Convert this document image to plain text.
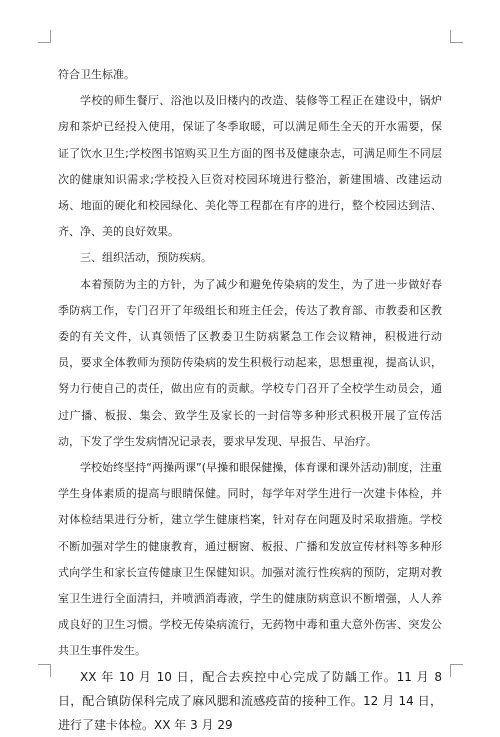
符合卫生标准。

学校的师生餐厅、浴池以及旧楼内的改造、装修等工程正在建设中，锅炉房和茶炉已经投入使用，保证了冬季取暖，可以满足师生全天的开水需要，保证了饮水卫生;学校图书馆购买卫生方面的图书及健康杂志，可满足师生不同层次的健康知识需求;学校投入巨资对校园环境进行整治，新建围墙、改建运动场、地面的硬化和校园绿化、美化等工程都在有序的进行，整个校园达到洁、齐、净、美的良好效果。

三、组织活动，预防疾病。

本着预防为主的方针，为了减少和避免传染病的发生，为了进一步做好春季防病工作，专门召开了年级组长和班主任会，传达了教育部、市教委和区教委的有关文件，认真领悟了区教委卫生防病紧急工作会议精神，积极进行动员，要求全体教师为预防传染病的发生积极行动起来，思想重视，提高认识，努力行使自己的责任，做出应有的贡献。学校专门召开了全校学生动员会，通过广播、板报、集会、致学生及家长的一封信等多种形式积极开展了宣传活动，下发了学生发病情况记录表，要求早发现、早报告、早治疗。

学校始终坚持“两操两课”(早操和眼保健操，体育课和课外活动)制度，注重学生身体素质的提高与眼睛保健。同时，每学年对学生进行一次建卡体检，并对体检结果进行分析，建立学生健康档案，针对存在问题及时采取措施。学校不断加强对学生的健康教育，通过橱窗、板报、广播和发放宣传材料等多种形式向学生和家长宣传健康卫生保健知识。加强对流行性疾病的预防，定期对教室卫生进行全面清扫，并喷洒消毒液，学生的健康防病意识不断增强，人人养成良好的卫生习惯。学校无传染病流行，无药物中毒和重大意外伤害、突发公共卫生事件发生。

XX 年 10 月 10 日，配合去疾控中心完成了防龋工作。11 月 8 日，配合镇防保科完成了麻风腮和流感疫苗的接种工作。12 月 14 日，进行了建卡体检。XX 年 3 月 29
